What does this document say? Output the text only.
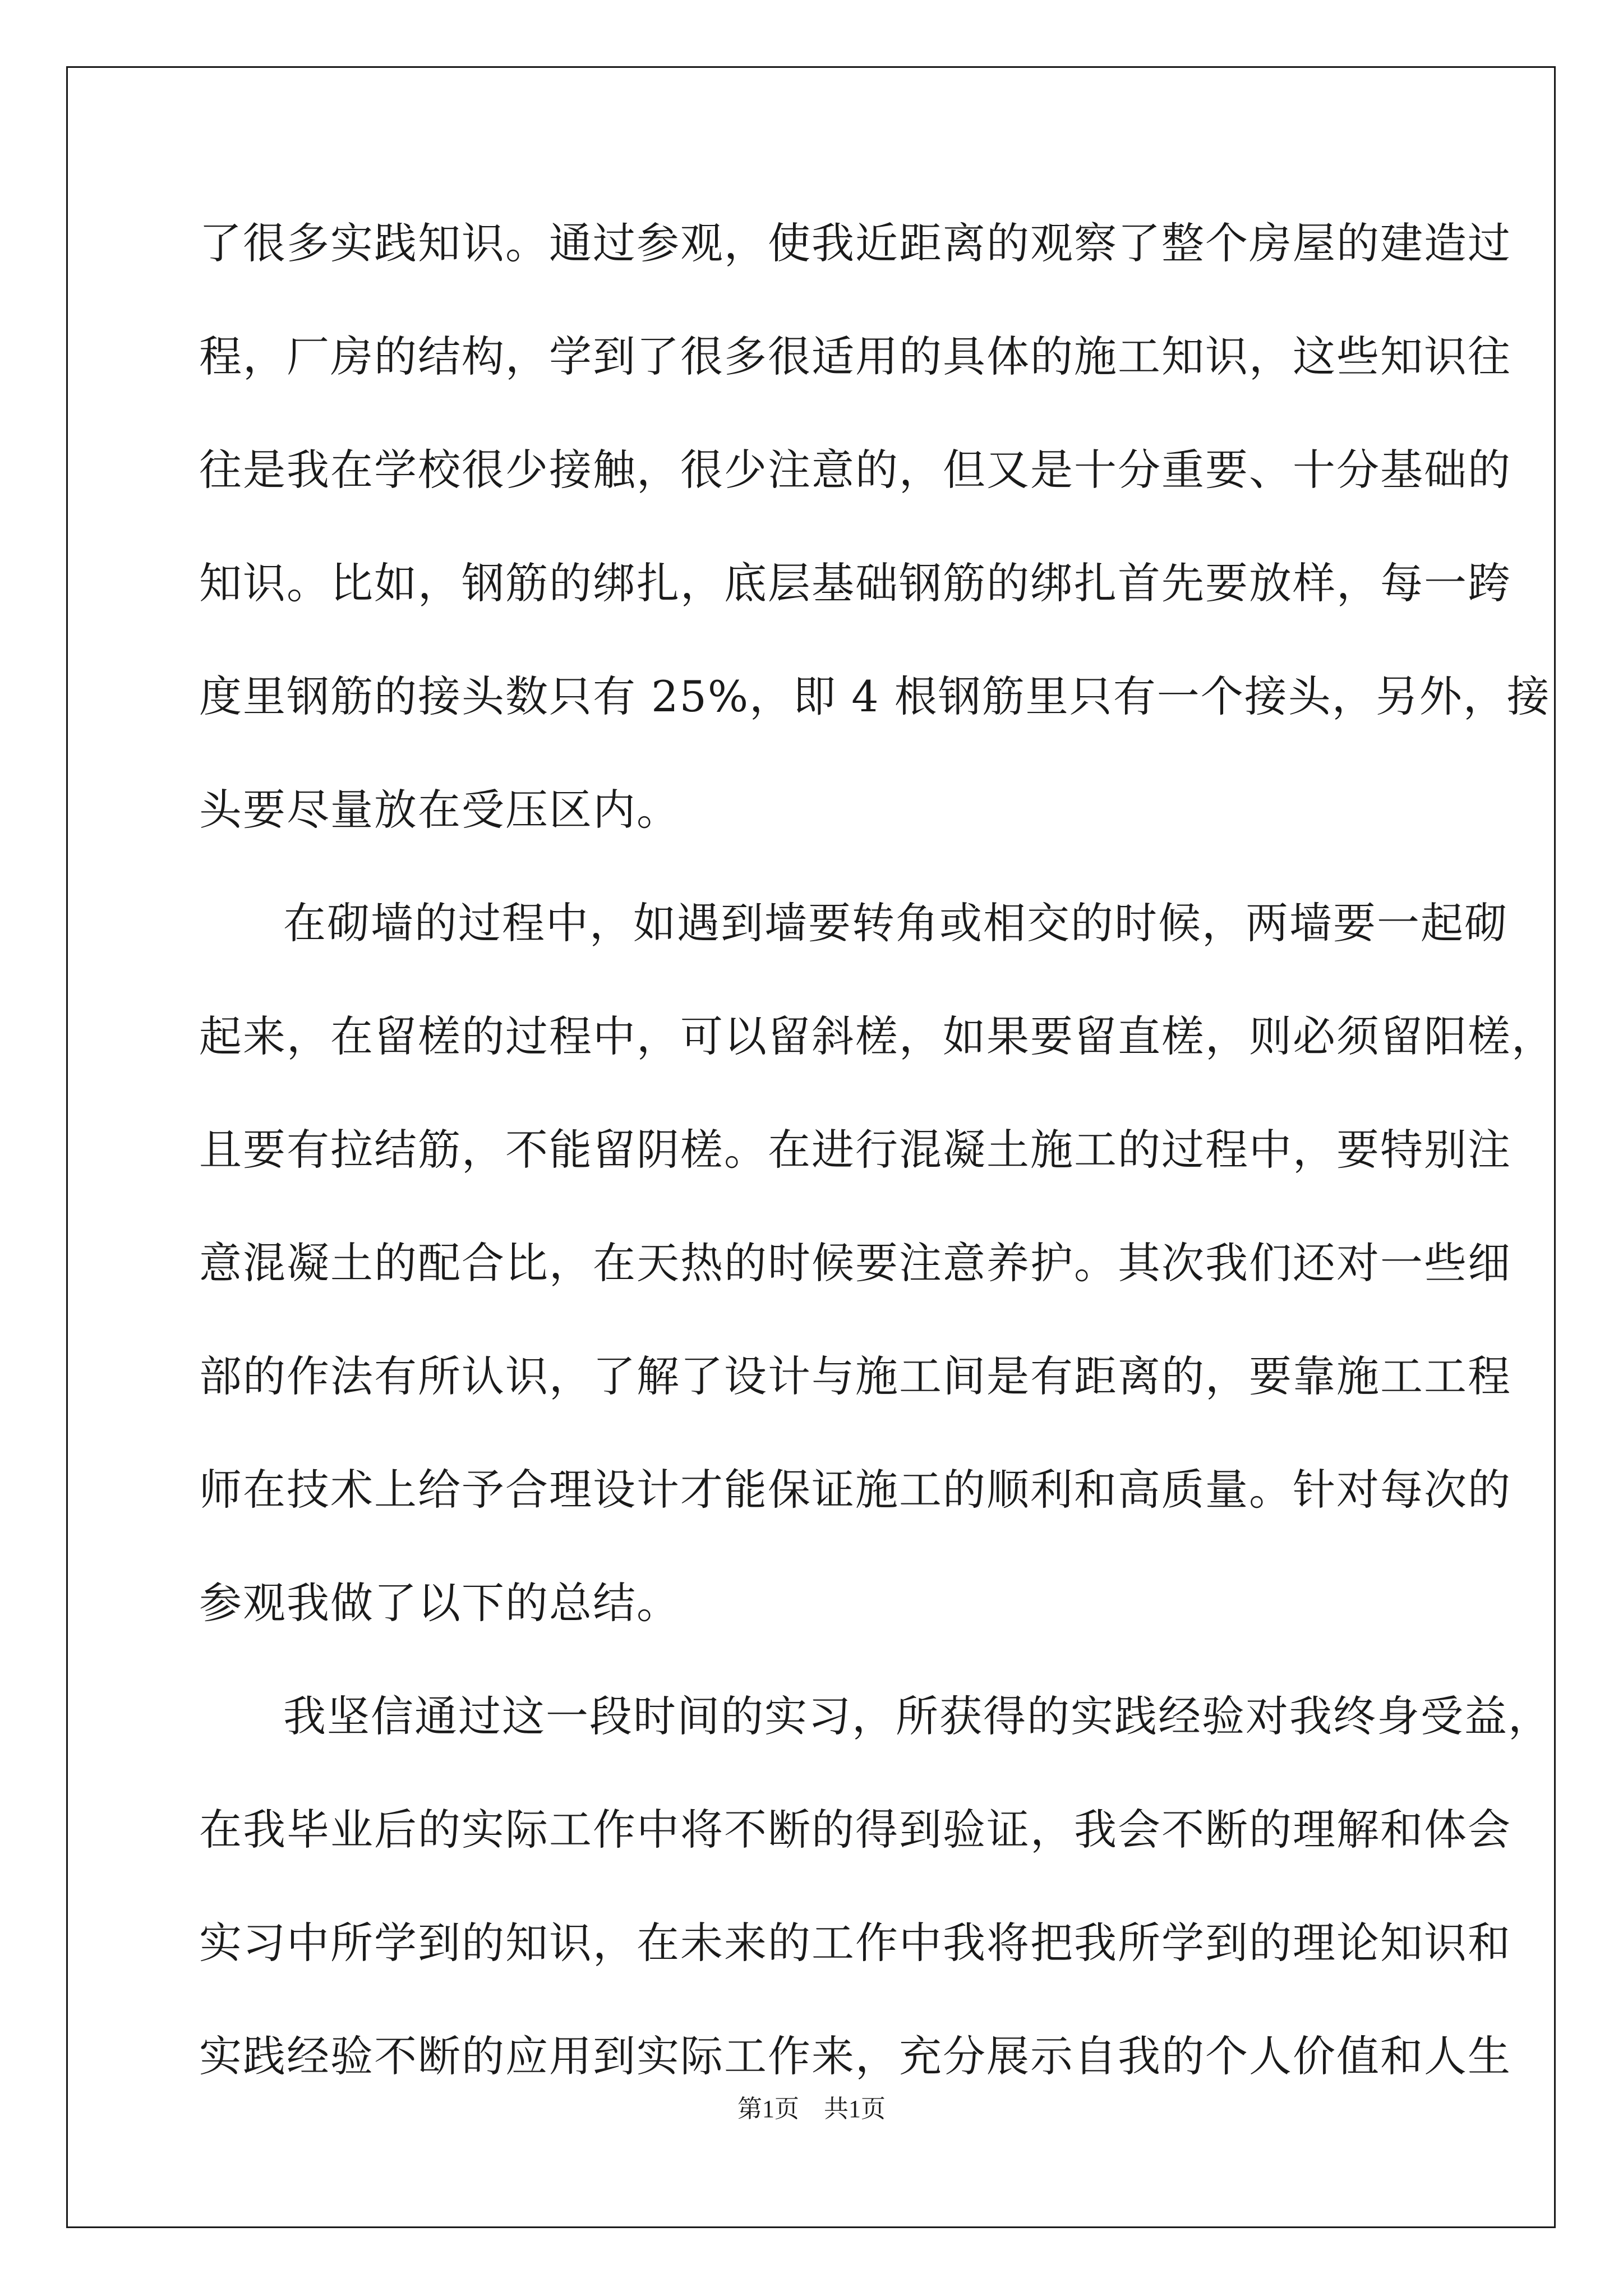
了很多实践知识。通过参观，使我近距离的观察了整个房屋的建造过
程，厂房的结构，学到了很多很适用的具体的施工知识，这些知识往
往是我在学校很少接触，很少注意的，但又是十分重要、十分基础的
知识。比如，钢筋的绑扎，底层基础钢筋的绑扎首先要放样，每一跨
度里钢筋的接头数只有 25%，即 4 根钢筋里只有一个接头，另外，接
头要尽量放在受压区内。
在砌墙的过程中，如遇到墙要转角或相交的时候，两墙要一起砌
起来，在留槎的过程中，可以留斜槎，如果要留直槎，则必须留阳槎，
且要有拉结筋，不能留阴槎。在进行混凝土施工的过程中，要特别注
意混凝土的配合比，在天热的时候要注意养护。其次我们还对一些细
部的作法有所认识，了解了设计与施工间是有距离的，要靠施工工程
师在技术上给予合理设计才能保证施工的顺利和高质量。针对每次的
参观我做了以下的总结。
我坚信通过这一段时间的实习，所获得的实践经验对我终身受益，
在我毕业后的实际工作中将不断的得到验证，我会不断的理解和体会
实习中所学到的知识，在未来的工作中我将把我所学到的理论知识和
实践经验不断的应用到实际工作来，充分展示自我的个人价值和人生
第1页 共1页
